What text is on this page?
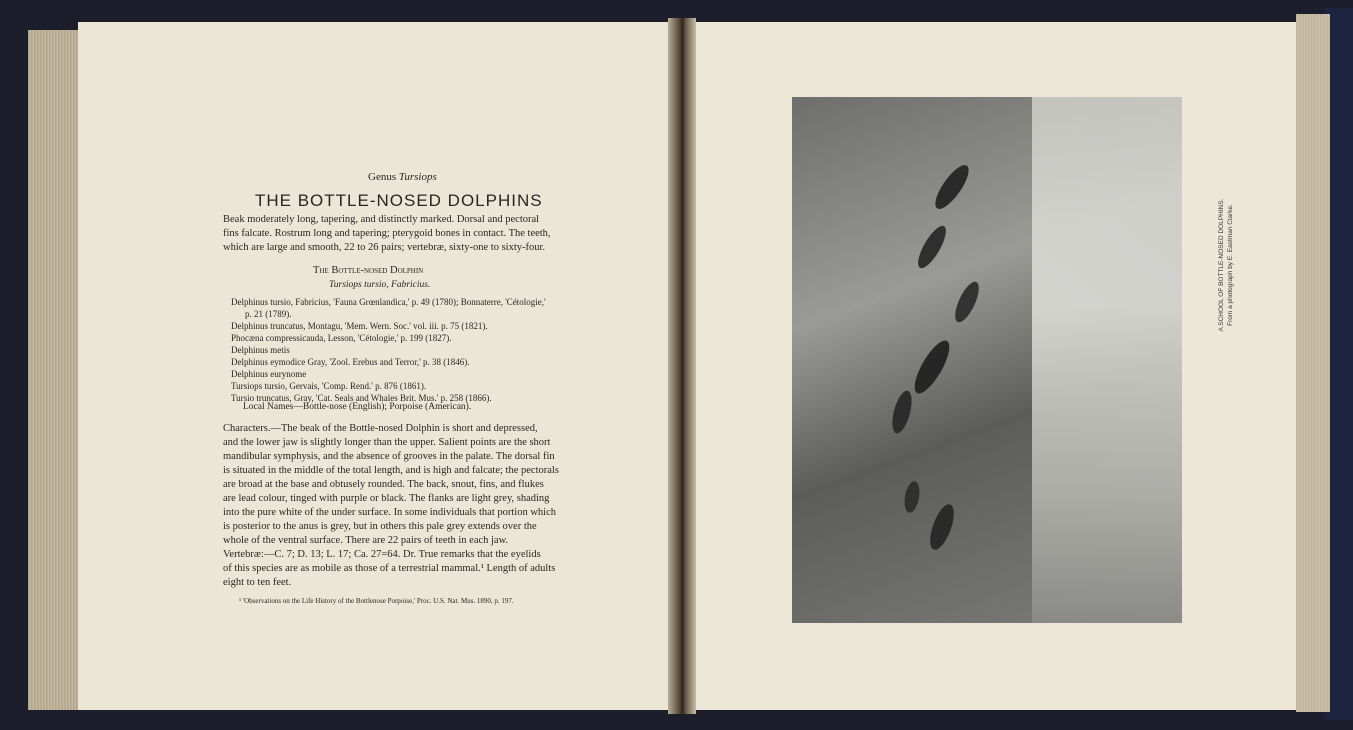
Genus Tursiops
THE BOTTLE-NOSED DOLPHINS
Beak moderately long, tapering, and distinctly marked. Dorsal and pectoral
fins falcate. Rostrum long and tapering; pterygoid bones in contact. The teeth,
which are large and smooth, 22 to 26 pairs; vertebræ, sixty-one to sixty-four.
The Bottle-nosed Dolphin
Tursiops tursio, Fabricius.
Delphinus tursio, Fabricius, 'Fauna Grœnlandica,' p. 49 (1780); Bonnaterre, 'Cétologie,'
p. 21 (1789).
Delphinus truncatus, Montagu, 'Mem. Wern. Soc.' vol. iii. p. 75 (1821).
Phocæna compressicauda, Lesson, 'Cétologie,' p. 199 (1827).
Delphinus metis
Delphinus eymodice Gray, 'Zool. Erebus and Terror,' p. 38 (1846).
Delphinus eurynome
Tursiops tursio, Gervais, 'Comp. Rend.' p. 876 (1861).
Tursio truncatus, Gray, 'Cat. Seals and Whales Brit. Mus.' p. 258 (1866).
Local Names—Bottle-nose (English); Porpoise (American).
Characters.—The beak of the Bottle-nosed Dolphin is short and depressed,
and the lower jaw is slightly longer than the upper. Salient points are the short
mandibular symphysis, and the absence of grooves in the palate. The dorsal fin
is situated in the middle of the total length, and is high and falcate; the pectorals
are broad at the base and obtusely rounded. The back, snout, fins, and flukes
are lead colour, tinged with purple or black. The flanks are light grey, shading
into the pure white of the under surface. In some individuals that portion which
is posterior to the anus is grey, but in others this pale grey extends over the
whole of the ventral surface. There are 22 pairs of teeth in each jaw.
Vertebræ:—C. 7; D. 13; L. 17; Ca. 27=64. Dr. True remarks that the eyelids
of this species are as mobile as those of a terrestrial mammal.¹ Length of adults
eight to ten feet.
¹ 'Observations on the Life History of the Bottlenose Porpoise,' Proc. U.S. Nat. Mus. 1890, p. 197.
A SCHOOL OF BOTTLE-NOSED DOLPHINS. From a photograph by E. Eastman Clarke.
